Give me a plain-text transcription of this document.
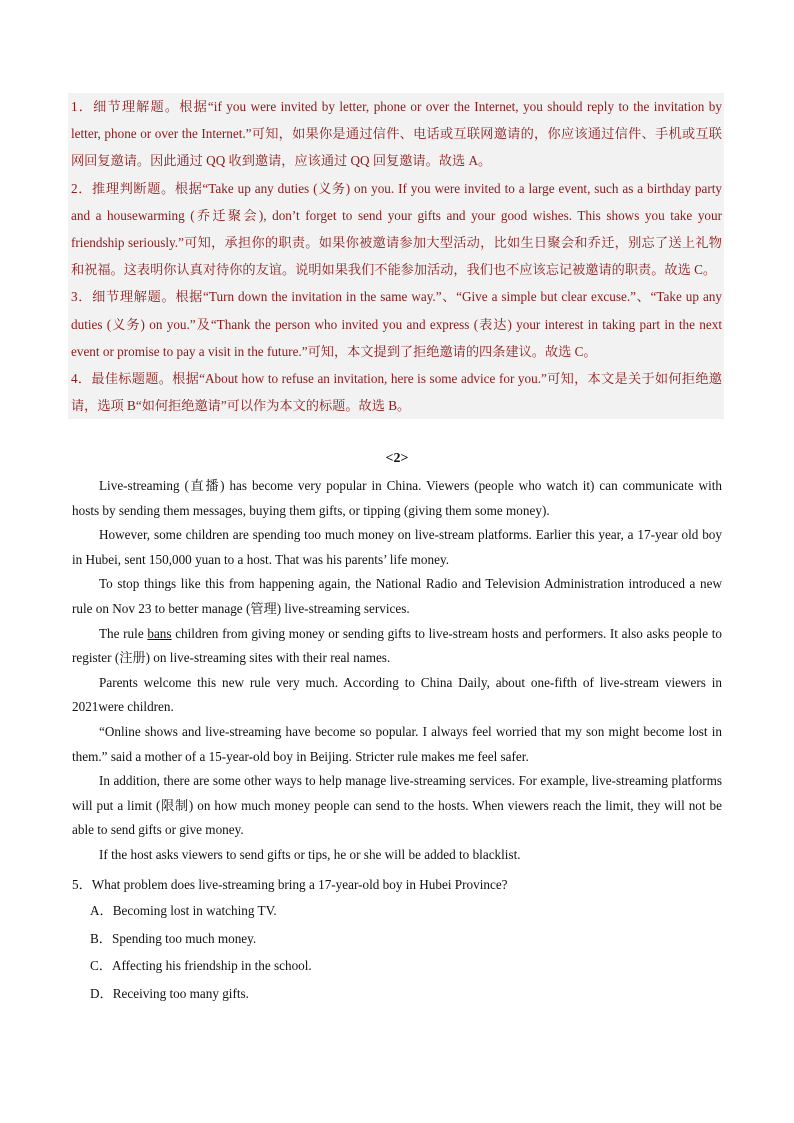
1．细节理解题。根据“if you were invited by letter, phone or over the Internet, you should reply to the invitation by letter, phone or over the Internet.”可知，如果你是通过信件、电话或互联网邀请的，你应该通过信件、手机或互联网回复邀请。因此通过 QQ 收到邀请，应该通过 QQ 回复邀请。故选 A。

2．推理判断题。根据“Take up any duties (义务) on you. If you were invited to a large event, such as a birthday party and a housewarming (乔迁聚会), don’t forget to send your gifts and your good wishes. This shows you take your friendship seriously.”可知，承担你的职责。如果你被邀请参加大型活动，比如生日聚会和乔迁，别忘了送上礼物和祝福。这表明你认真对待你的友谊。说明如果我们不能参加活动，我们也不应该忘记被邀请的职责。故选 C。

3．细节理解题。根据“Turn down the invitation in the same way.”、“Give a simple but clear excuse.”、“Take up any duties (义务) on you.”及“Thank the person who invited you and express (表达) your interest in taking part in the next event or promise to pay a visit in the future.”可知，本文提到了拒绝邀请的四条建议。故选 C。

4．最佳标题题。根据“About how to refuse an invitation, here is some advice for you.”可知，本文是关于如何拒绝邀请，选项 B“如何拒绝邀请”可以作为本文的标题。故选 B。

<2>

Live-streaming (直播) has become very popular in China. Viewers (people who watch it) can communicate with hosts by sending them messages, buying them gifts, or tipping (giving them some money).

However, some children are spending too much money on live-stream platforms. Earlier this year, a 17-year old boy in Hubei, sent 150,000 yuan to a host. That was his parents’ life money.

To stop things like this from happening again, the National Radio and Television Administration introduced a new rule on Nov 23 to better manage (管理) live-streaming services.

The rule bans children from giving money or sending gifts to live-stream hosts and performers. It also asks people to register (注册) on live-streaming sites with their real names.

Parents welcome this new rule very much. According to China Daily, about one-fifth of live-stream viewers in 2021were children.

“Online shows and live-streaming have become so popular. I always feel worried that my son might become lost in them.” said a mother of a 15-year-old boy in Beijing. Stricter rule makes me feel safer.

In addition, there are some other ways to help manage live-streaming services. For example, live-streaming platforms will put a limit (限制) on how much money people can send to the hosts. When viewers reach the limit, they will not be able to send gifts or give money.

If the host asks viewers to send gifts or tips, he or she will be added to blacklist.

5．What problem does live-streaming bring a 17-year-old boy in Hubei Province?

A．Becoming lost in watching TV.

B．Spending too much money.

C．Affecting his friendship in the school.

D．Receiving too many gifts.
